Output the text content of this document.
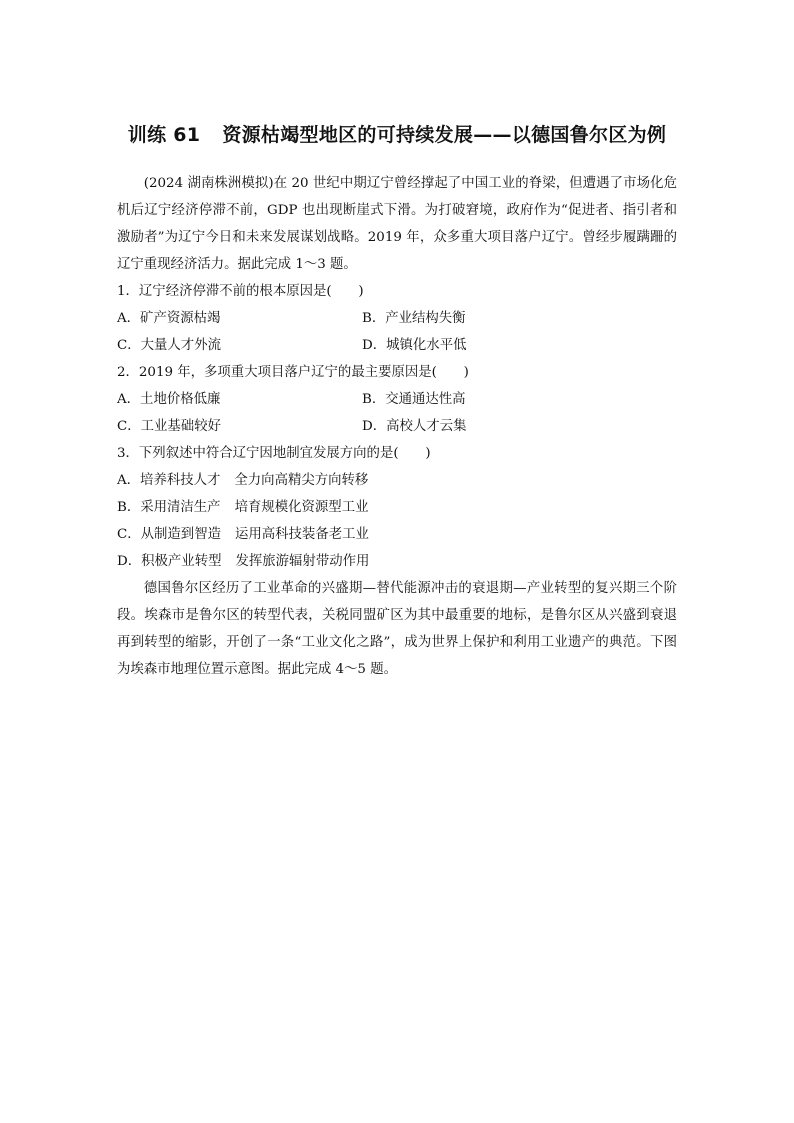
训练 61 资源枯竭型地区的可持续发展——以德国鲁尔区为例

(2024 湖南株洲模拟)在 20 世纪中期辽宁曾经撑起了中国工业的脊梁，但遭遇了市场化危机后辽宁经济停滞不前，GDP 也出现断崖式下滑。为打破窘境，政府作为“促进者、指引者和激励者”为辽宁今日和未来发展谋划战略。2019 年，众多重大项目落户辽宁。曾经步履蹒跚的辽宁重现经济活力。据此完成 1～3 题。

1．辽宁经济停滞不前的根本原因是(　　)

A．矿产资源枯竭	B．产业结构失衡
C．大量人才外流	D．城镇化水平低

2．2019 年，多项重大项目落户辽宁的最主要原因是(　　)

A．土地价格低廉	B．交通通达性高
C．工业基础较好	D．高校人才云集

3．下列叙述中符合辽宁因地制宜发展方向的是(　　)

A．培养科技人才 全力向高精尖方向转移

B．采用清洁生产 培育规模化资源型工业

C．从制造到智造 运用高科技装备老工业

D．积极产业转型 发挥旅游辐射带动作用

德国鲁尔区经历了工业革命的兴盛期—替代能源冲击的衰退期—产业转型的复兴期三个阶段。埃森市是鲁尔区的转型代表，关税同盟矿区为其中最重要的地标，是鲁尔区从兴盛到衰退再到转型的缩影，开创了一条“工业文化之路”，成为世界上保护和利用工业遗产的典范。下图为埃森市地理位置示意图。据此完成 4～5 题。
